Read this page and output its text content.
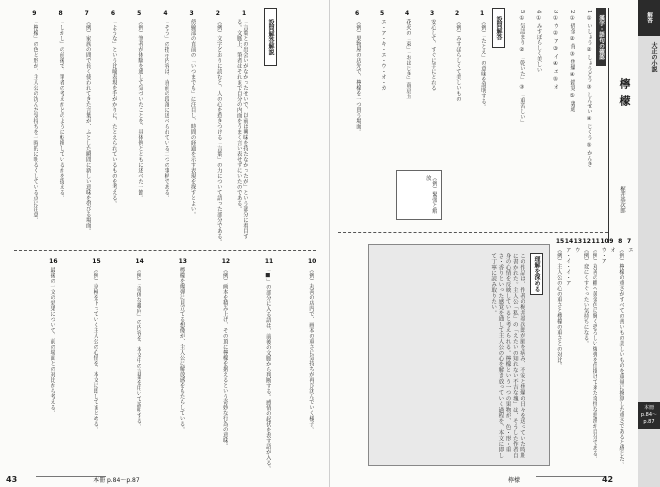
設問解答解説
1
「言葉との出会いがなかったせいで、以前は興味を持たなかったが」という部分に着目する。文脈上、筆者はそれまで自分の内面をうまく言い表せずにいたのである。
2
（例）文字どおりに読むと、人の心を惹きつける「言葉」の力について語った部分である。
3
傍線部の直前の「いつまでも」に注目し、時間の経過を示す表現を探すとよい。
4
「そう」の指示内容は、直前の段落に述べられている二つの事柄である。
5
（例）筆者が体験を通して気づいたことを、具体例とともに述べた一節。
6
「ような」という比喩表現を手がかりに、たとえられているものを考える。
7
（例）家族の間で長く使われてきた言葉が、ふとした瞬間に新しい意味を帯びる場面。
8
「しかし」の前後で、筆者の考えがどのように転換しているかを捉える。
9
「檸檬」の色と形が、主人公の沈んだ気持ちを一時的に明るくしている点に注意。
10
（例）丸善の店内で、画本の重さに気持ちが再び沈んでいく様子。
11
「■」の部分に入る語は、前後の文脈から判断する。感情の起伏を表す語が入る。
12
（例）画本を積み上げ、その頂に檸檬を据えるという奇妙な行為の意味。
13
檸檬を爆弾に見立てる想像が、主人公に解放感をもたらしている。
14
（例）「奇体な趣向」の内容を、本文中の言葉を用いて説明する。
15
（例）京極を下っていく主人公の心情を、本文に即してまとめる。
16
最後の一文の効果について、前の場面との対比から考える。
43	本冊 p.84〜p.87
解答
大正の小説
本冊
p.84〜p.87
檸檬
梶井基次郎
漢字・語句の確認
1 ① いしょう ② しょうどう ③ しんせい ④ じくう ⑤ かんき
2 ① 借金 ② 背 ③ 焦燥 ④ 錯覚 ⑤ 裏通
3 ① ウ ② ア ③ イ ④ エ ⑤ オ
4 ① みすぼらしく美しい
5 ① 気詰まり ② 「乾いた」 ③ 「重苦しい」
設問解答
1
（例）「たとえ」の意味を説明する。
2
（例）みすぼらしくて美しいもの
3
安心して、すぐに手にとれる
4
花火の「束」「おはじき」南京玉
5
エ・ア・キ・エ・ウ・オ・カ
6
（例）果物屋の店先で、檸檬を一つ買う場面。
7
エ
8
（例）檸檬の重さがすべての善いもの美しいものを重量に換算した重さであると感じた。
9
オ
10
ウ・ア
11
（例）丸善の棚へ黄金色に輝く恐ろしい爆弾を仕掛けて来た奇怪な悪漢が自分である。
12
（例）変にくすぐったい気持ちになる。
13
ウ
14
ア・イ・イ・ア
15
（例）主人公の心の重さと檸檬の重さとの対比。
（例）緊張と解放
理解を深める
この作品は、作者の梶井基次郎が肺を病み、不安と焦燥の日々を送っていた時期に書かれた。主人公「私」の「えたいの知れない不吉な塊」は、そうした作者自身の心情を反映していると考えられる。檸檬という一つの果物が、色・形・重さ・香りといった感覚を通して主人公の心を解き放っていく過程を、本文に即して丁寧に読み取りたい。
檸檬	42
